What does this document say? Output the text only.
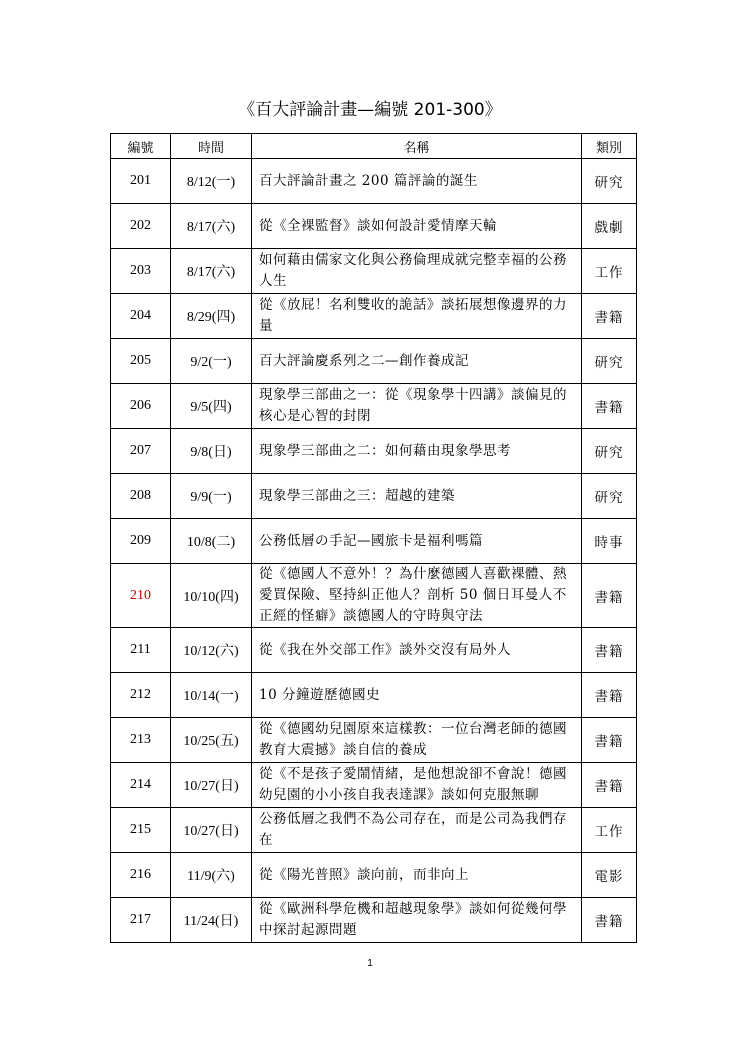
《百大評論計畫—編號 201-300》
編號	時間	名稱	類別
201	8/12(一)	百大評論計畫之 200 篇評論的誕生	研究
202	8/17(六)	從《全裸監督》談如何設計愛情摩天輪	戲劇
203	8/17(六)	如何藉由儒家文化與公務倫理成就完整幸福的公務人生	工作
204	8/29(四)	從《放屁！名利雙收的詭話》談拓展想像邊界的力量	書籍
205	9/2(一)	百大評論慶系列之二—創作養成記	研究
206	9/5(四)	現象學三部曲之一：從《現象學十四講》談偏見的核心是心智的封閉	書籍
207	9/8(日)	現象學三部曲之二：如何藉由現象學思考	研究
208	9/9(一)	現象學三部曲之三：超越的建築	研究
209	10/8(二)	公務低層の手記—國旅卡是福利嗎篇	時事
210	10/10(四)	從《德國人不意外！？為什麼德國人喜歡裸體、熱愛買保險、堅持糾正他人？剖析 50 個日耳曼人不正經的怪癖》談德國人的守時與守法	書籍
211	10/12(六)	從《我在外交部工作》談外交沒有局外人	書籍
212	10/14(一)	10 分鐘遊歷德國史	書籍
213	10/25(五)	從《德國幼兒園原來這樣教：一位台灣老師的德國教育大震撼》談自信的養成	書籍
214	10/27(日)	從《不是孩子愛鬧情緒，是他想說卻不會說！德國幼兒園的小小孩自我表達課》談如何克服無聊	書籍
215	10/27(日)	公務低層之我們不為公司存在，而是公司為我們存在	工作
216	11/9(六)	從《陽光普照》談向前，而非向上	電影
217	11/24(日)	從《歐洲科學危機和超越現象學》談如何從幾何學中探討起源問題	書籍
1
